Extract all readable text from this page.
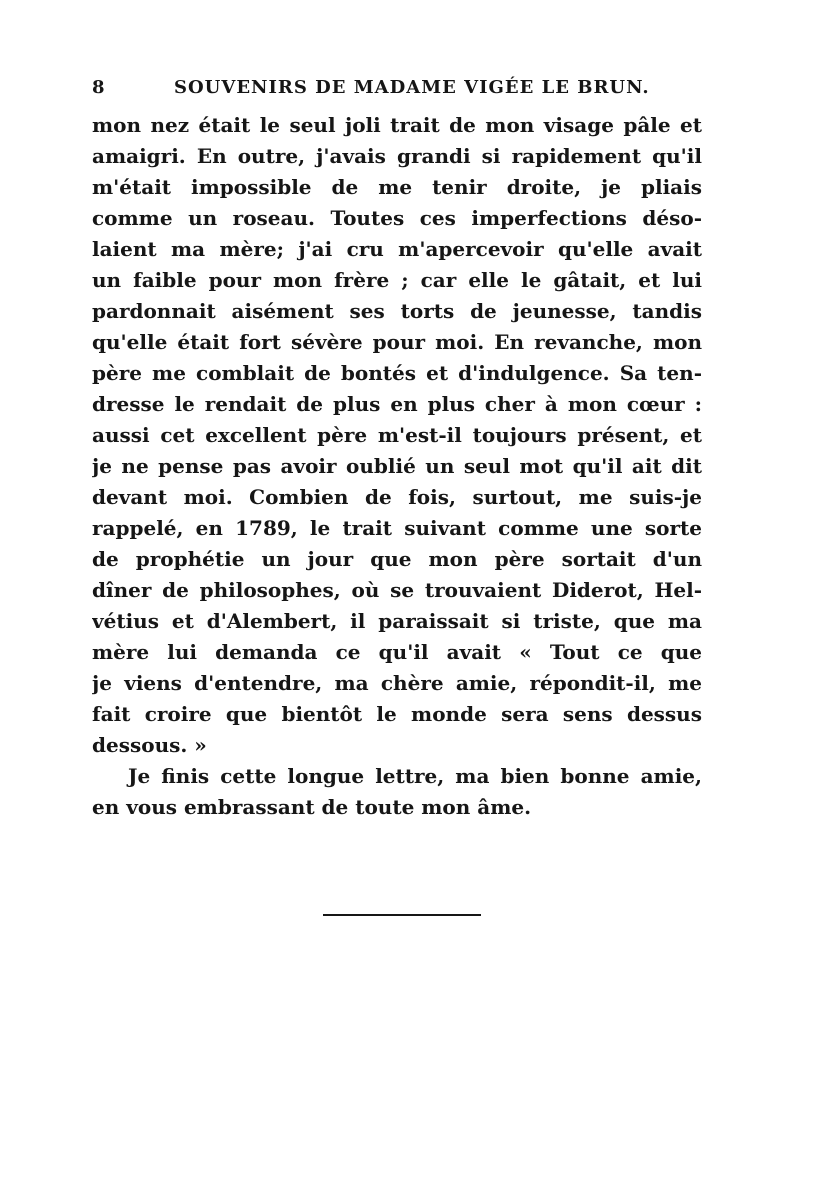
8	SOUVENIRS DE MADAME VIGÉE LE BRUN.
mon nez était le seul joli trait de mon visage pâle et
amaigri. En outre, j'avais grandi si rapidement qu'il
m'était impossible de me tenir droite, je pliais
comme un roseau. Toutes ces imperfections déso-
laient ma mère; j'ai cru m'apercevoir qu'elle avait
un faible pour mon frère ; car elle le gâtait, et lui
pardonnait aisément ses torts de jeunesse, tandis
qu'elle était fort sévère pour moi. En revanche, mon
père me comblait de bontés et d'indulgence. Sa ten-
dresse le rendait de plus en plus cher à mon cœur :
aussi cet excellent père m'est-il toujours présent, et
je ne pense pas avoir oublié un seul mot qu'il ait dit
devant moi. Combien de fois, surtout, me suis-je
rappelé, en 1789, le trait suivant comme une sorte
de prophétie un jour que mon père sortait d'un
dîner de philosophes, où se trouvaient Diderot, Hel-
vétius et d'Alembert, il paraissait si triste, que ma
mère lui demanda ce qu'il avait « Tout ce que
je viens d'entendre, ma chère amie, répondit-il, me
fait croire que bientôt le monde sera sens dessus
dessous. »
Je finis cette longue lettre, ma bien bonne amie,
en vous embrassant de toute mon âme.
